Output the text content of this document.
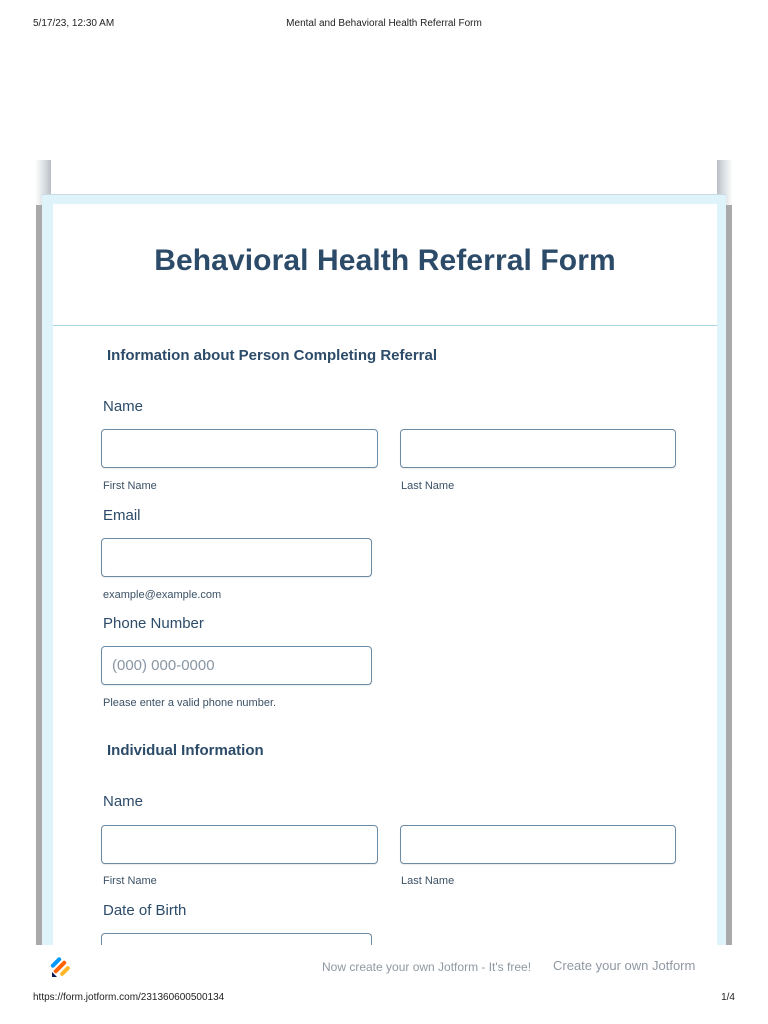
5/17/23, 12:30 AM	Mental and Behavioral Health Referral Form
Behavioral Health Referral Form
Information about Person Completing Referral
Name
First Name	Last Name
Email
example@example.com
Phone Number
(000) 000-0000
Please enter a valid phone number.
Individual Information
Name
First Name	Last Name
Date of Birth
Now create your own Jotform - It's free! Create your own Jotform
https://form.jotform.com/231360600500134	1/4
